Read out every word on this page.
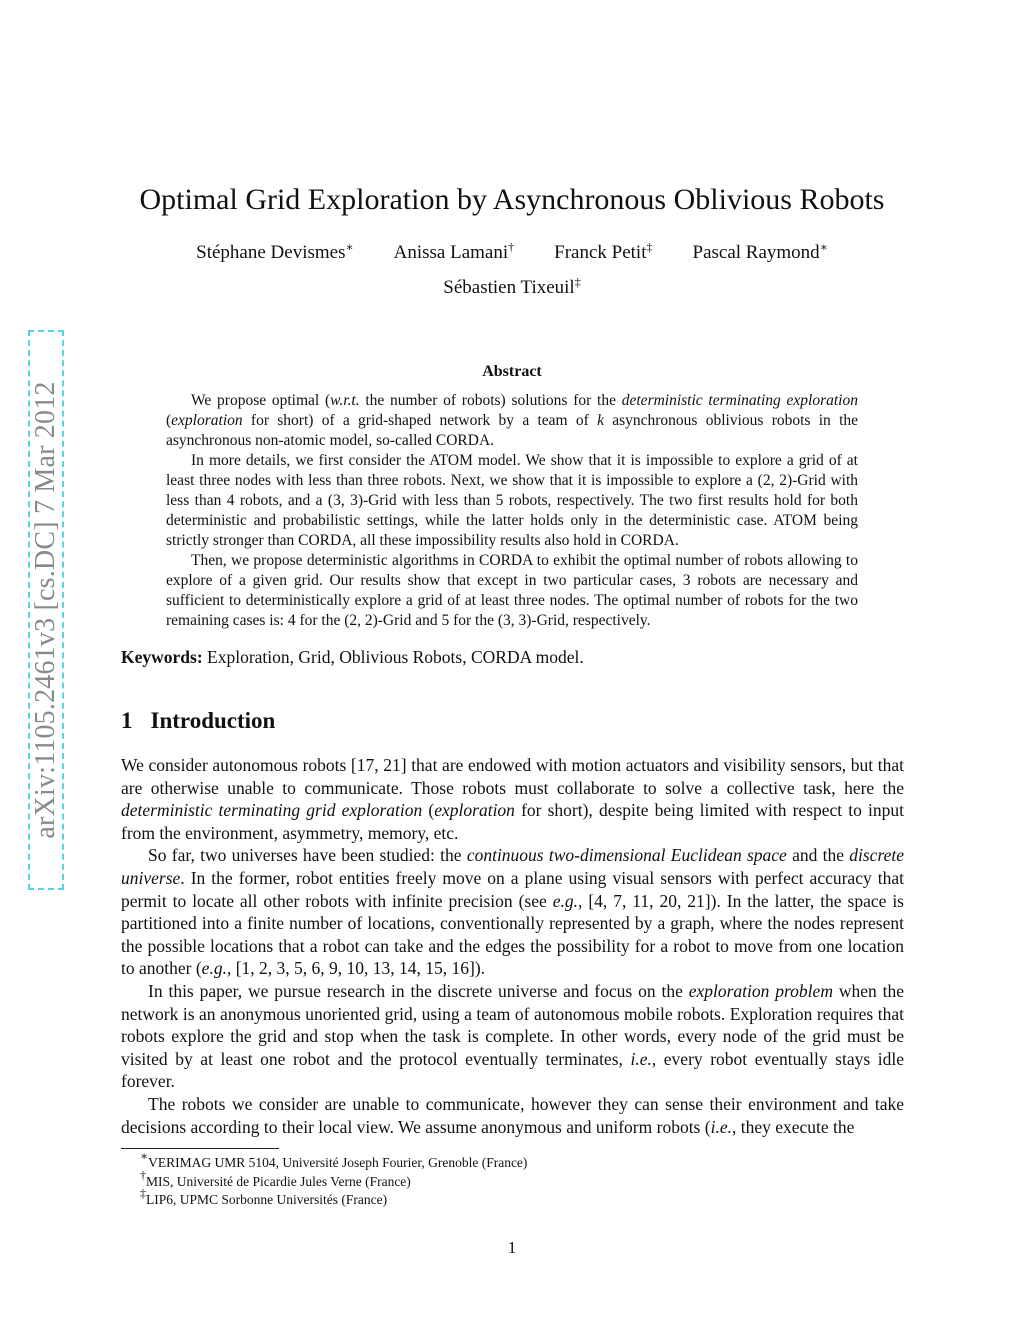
arXiv:1105.2461v3 [cs.DC] 7 Mar 2012
Optimal Grid Exploration by Asynchronous Oblivious Robots
Stéphane Devismes∗ Anissa Lamani† Franck Petit‡ Pascal Raymond∗
Sébastien Tixeuil‡
Abstract

We propose optimal (w.r.t. the number of robots) solutions for the deterministic terminating exploration (exploration for short) of a grid-shaped network by a team of k asynchronous oblivious robots in the asynchronous non-atomic model, so-called CORDA.

In more details, we first consider the ATOM model. We show that it is impossible to explore a grid of at least three nodes with less than three robots. Next, we show that it is impossible to explore a (2, 2)-Grid with less than 4 robots, and a (3, 3)-Grid with less than 5 robots, respectively. The two first results hold for both deterministic and probabilistic settings, while the latter holds only in the deterministic case. ATOM being strictly stronger than CORDA, all these impossibility results also hold in CORDA.

Then, we propose deterministic algorithms in CORDA to exhibit the optimal number of robots allowing to explore of a given grid. Our results show that except in two particular cases, 3 robots are necessary and sufficient to deterministically explore a grid of at least three nodes. The optimal number of robots for the two remaining cases is: 4 for the (2, 2)-Grid and 5 for the (3, 3)-Grid, respectively.

Keywords: Exploration, Grid, Oblivious Robots, CORDA model.
1 Introduction

We consider autonomous robots [17, 21] that are endowed with motion actuators and visibility sensors, but that are otherwise unable to communicate. Those robots must collaborate to solve a collective task, here the deterministic terminating grid exploration (exploration for short), despite being limited with respect to input from the environment, asymmetry, memory, etc.

So far, two universes have been studied: the continuous two-dimensional Euclidean space and the discrete universe. In the former, robot entities freely move on a plane using visual sensors with perfect accuracy that permit to locate all other robots with infinite precision (see e.g., [4, 7, 11, 20, 21]). In the latter, the space is partitioned into a finite number of locations, conventionally represented by a graph, where the nodes represent the possible locations that a robot can take and the edges the possibility for a robot to move from one location to another (e.g., [1, 2, 3, 5, 6, 9, 10, 13, 14, 15, 16]).

In this paper, we pursue research in the discrete universe and focus on the exploration problem when the network is an anonymous unoriented grid, using a team of autonomous mobile robots. Exploration requires that robots explore the grid and stop when the task is complete. In other words, every node of the grid must be visited by at least one robot and the protocol eventually terminates, i.e., every robot eventually stays idle forever.

The robots we consider are unable to communicate, however they can sense their environment and take decisions according to their local view. We assume anonymous and uniform robots (i.e., they execute the

∗VERIMAG UMR 5104, Université Joseph Fourier, Grenoble (France)
†MIS, Université de Picardie Jules Verne (France)
‡LIP6, UPMC Sorbonne Universités (France)
1
